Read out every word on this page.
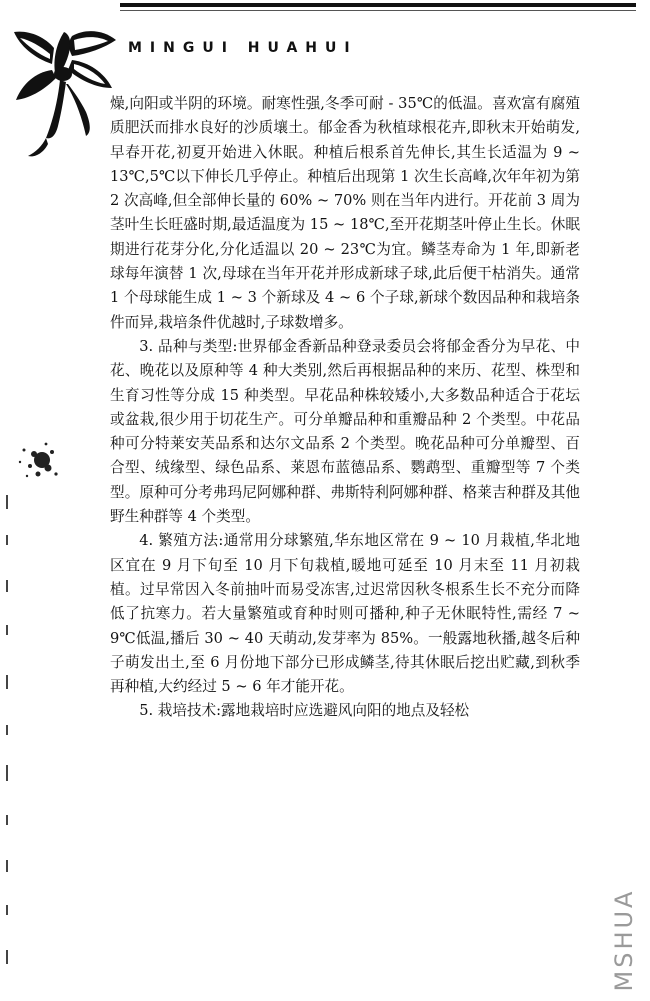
MINGUI HUAHUI

燥,向阳或半阴的环境。耐寒性强,冬季可耐 - 35℃的低温。喜欢富有腐殖质肥沃而排水良好的沙质壤土。郁金香为秋植球根花卉,即秋末开始萌发,早春开花,初夏开始进入休眠。种植后根系首先伸长,其生长适温为 9 ~ 13℃,5℃以下伸长几乎停止。种植后出现第 1 次生长高峰,次年年初为第 2 次高峰,但全部伸长量的 60% ~ 70% 则在当年内进行。开花前 3 周为茎叶生长旺盛时期,最适温度为 15 ~ 18℃,至开花期茎叶停止生长。休眠期进行花芽分化,分化适温以 20 ~ 23℃为宜。鳞茎寿命为 1 年,即新老球每年演替 1 次,母球在当年开花并形成新球子球,此后便干枯消失。通常 1 个母球能生成 1 ~ 3 个新球及 4 ~ 6 个子球,新球个数因品种和栽培条件而异,栽培条件优越时,子球数增多。

3. 品种与类型:世界郁金香新品种登录委员会将郁金香分为早花、中花、晚花以及原种等 4 种大类别,然后再根据品种的来历、花型、株型和生育习性等分成 15 种类型。早花品种株较矮小,大多数品种适合于花坛或盆栽,很少用于切花生产。可分单瓣品种和重瓣品种 2 个类型。中花品种可分特莱安芙品系和达尔文品系 2 个类型。晚花品种可分单瓣型、百合型、绒缘型、绿色品系、莱恩布蓝德品系、鹦鹉型、重瓣型等 7 个类型。原种可分考弗玛尼阿娜种群、弗斯特利阿娜种群、格莱吉种群及其他野生种群等 4 个类型。

4. 繁殖方法:通常用分球繁殖,华东地区常在 9 ~ 10 月栽植,华北地区宜在 9 月下旬至 10 月下旬栽植,暖地可延至 10 月末至 11 月初栽植。过早常因入冬前抽叶而易受冻害,过迟常因秋冬根系生长不充分而降低了抗寒力。若大量繁殖或育种时则可播种,种子无休眠特性,需经 7 ~ 9℃低温,播后 30 ~ 40 天萌动,发芽率为 85%。一般露地秋播,越冬后种子萌发出土,至 6 月份地下部分已形成鳞茎,待其休眠后挖出贮藏,到秋季再种植,大约经过 5 ~ 6 年才能开花。

5. 栽培技术:露地栽培时应选避风向阳的地点及轻松

MSHUA
